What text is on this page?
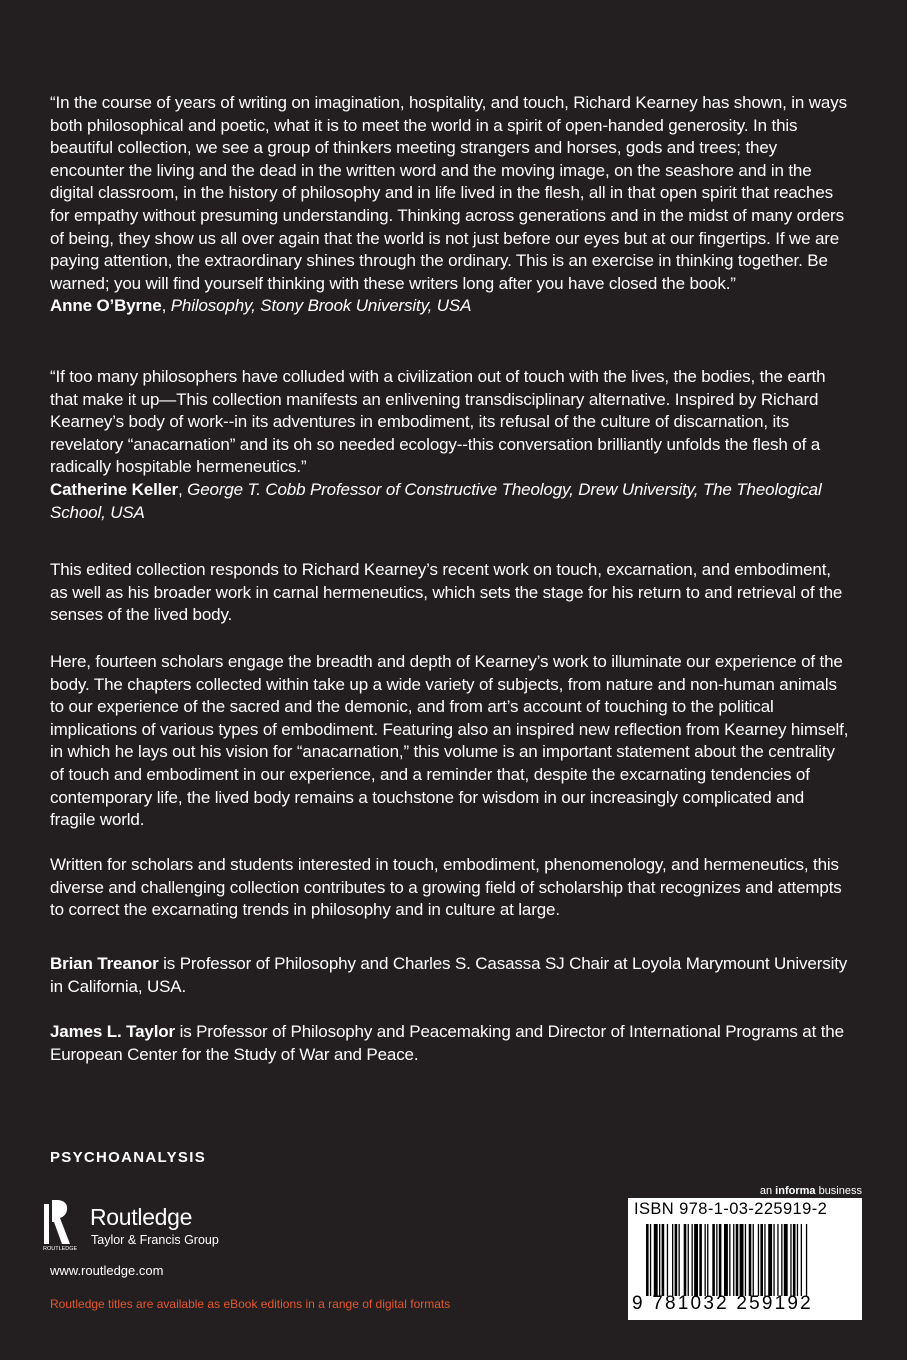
“In the course of years of writing on imagination, hospitality, and touch, Richard Kearney has shown, in ways both philosophical and poetic, what it is to meet the world in a spirit of open-handed generosity. In this beautiful collection, we see a group of thinkers meeting strangers and horses, gods and trees; they encounter the living and the dead in the written word and the moving image, on the seashore and in the digital classroom, in the history of philosophy and in life lived in the flesh, all in that open spirit that reaches for empathy without presuming understanding. Thinking across generations and in the midst of many orders of being, they show us all over again that the world is not just before our eyes but at our fingertips. If we are paying attention, the extraordinary shines through the ordinary. This is an exercise in thinking together. Be warned; you will find yourself thinking with these writers long after you have closed the book.”

Anne O’Byrne, Philosophy, Stony Brook University, USA

“If too many philosophers have colluded with a civilization out of touch with the lives, the bodies, the earth that make it up—This collection manifests an enlivening transdisciplinary alternative. Inspired by Richard Kearney’s body of work--in its adventures in embodiment, its refusal of the culture of discarnation, its revelatory “anacarnation” and its oh so needed ecology--this conversation brilliantly unfolds the flesh of a radically hospitable hermeneutics.”

Catherine Keller, George T. Cobb Professor of Constructive Theology, Drew University, The Theological School, USA

This edited collection responds to Richard Kearney’s recent work on touch, excarnation, and embodiment, as well as his broader work in carnal hermeneutics, which sets the stage for his return to and retrieval of the senses of the lived body.

Here, fourteen scholars engage the breadth and depth of Kearney’s work to illuminate our experience of the body. The chapters collected within take up a wide variety of subjects, from nature and non-human animals to our experience of the sacred and the demonic, and from art’s account of touching to the political implications of various types of embodiment. Featuring also an inspired new reflection from Kearney himself, in which he lays out his vision for “anacarnation,” this volume is an important statement about the centrality of touch and embodiment in our experience, and a reminder that, despite the excarnating tendencies of contemporary life, the lived body remains a touchstone for wisdom in our increasingly complicated and fragile world.

Written for scholars and students interested in touch, embodiment, phenomenology, and hermeneutics, this diverse and challenging collection contributes to a growing field of scholarship that recognizes and attempts to correct the excarnating trends in philosophy and in culture at large.

Brian Treanor is Professor of Philosophy and Charles S. Casassa SJ Chair at Loyola Marymount University in California, USA.

James L. Taylor is Professor of Philosophy and Peacemaking and Director of International Programs at the European Center for the Study of War and Peace.

PSYCHOANALYSIS
ROUTLEDGE
Routledge
Taylor & Francis Group
www.routledge.com
Routledge titles are available as eBook editions in a range of digital formats
an informa business
ISBN 978-1-03-225919-2
9 781032 259192
